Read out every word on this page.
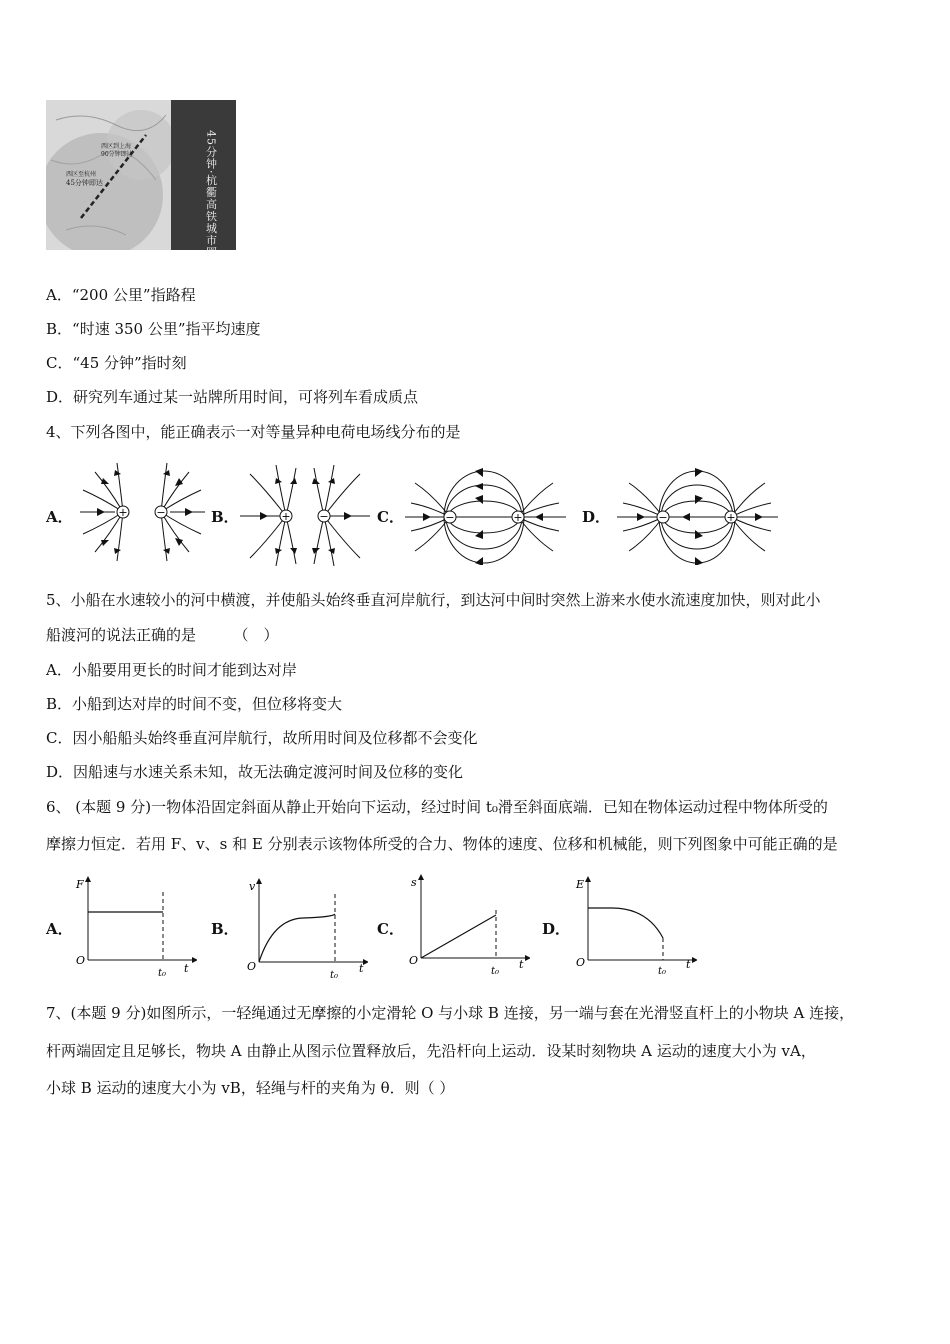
西区到上海
90分钟即达
西区至杭州
45分钟即达	45分钟·杭衢高铁城市圈
A．“200 公里”指路程
B．“时速 350 公里”指平均速度
C．“45 分钟”指时刻
D．研究列车通过某一站牌所用时间，可将列车看成质点
4、下列各图中，能正确表示一对等量异种电荷电场线分布的是
A．	+	−	B．	+	−	C．	−	+	D．	−	+
5、小船在水速较小的河中横渡，并使船头始终垂直河岸航行，到达河中间时突然上游来水使水流速度加快，则对此小
船渡河的说法正确的是　　　（　）
A．小船要用更长的时间才能到达对岸
B．小船到达对岸的时间不变，但位移将变大
C．因小船船头始终垂直河岸航行，故所用时间及位移都不会变化
D．因船速与水速关系未知，故无法确定渡河时间及位移的变化
6、 (本题 9 分)一物体沿固定斜面从静止开始向下运动，经过时间 t₀滑至斜面底端．已知在物体运动过程中物体所受的
摩擦力恒定．若用 F、v、s 和 E 分别表示该物体所受的合力、物体的速度、位移和机械能，则下列图象中可能正确的是
A．
F
O
t₀ t
B．
v
O
t₀
t
C．
s
O
t₀
t
D．
E
O
t₀
t
7、(本题 9 分)如图所示，一轻绳通过无摩擦的小定滑轮 O 与小球 B 连接，另一端与套在光滑竖直杆上的小物块 A 连接，
杆两端固定且足够长，物块 A 由静止从图示位置释放后，先沿杆向上运动．设某时刻物块 A 运动的速度大小为 vA，
小球 B 运动的速度大小为 vB，轻绳与杆的夹角为 θ．则（ ）
